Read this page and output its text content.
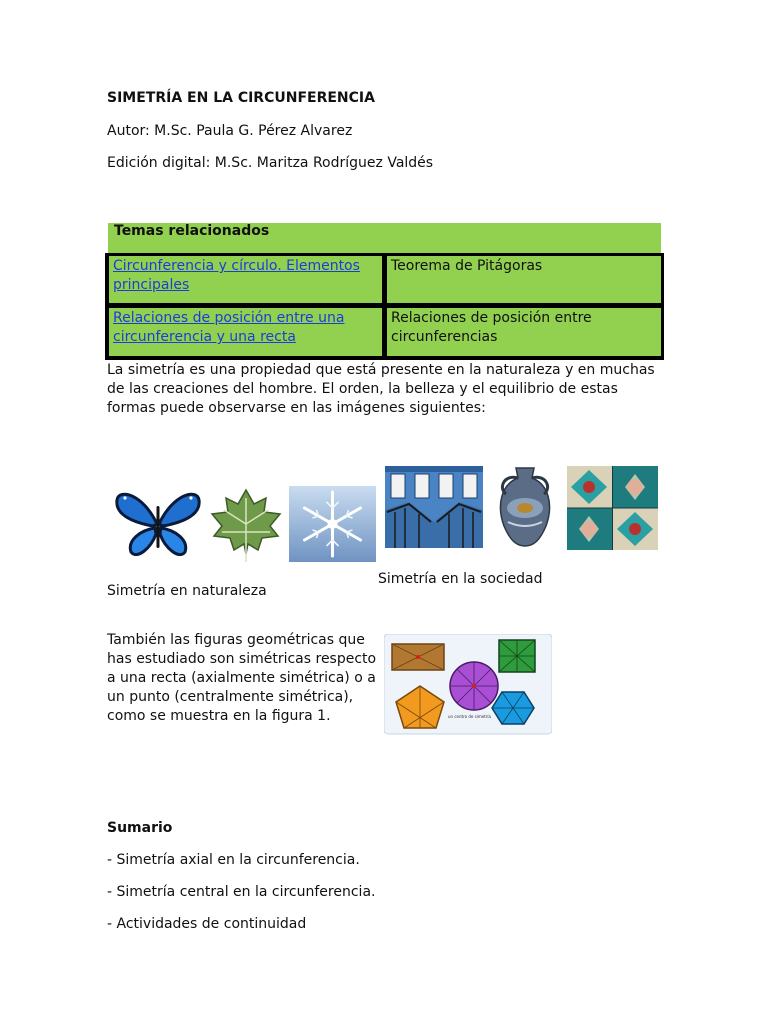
SIMETRÍA EN LA CIRCUNFERENCIA
Autor: M.Sc. Paula G. Pérez Alvarez
Edición digital: M.Sc. Maritza Rodríguez Valdés
Temas relacionados
Circunferencia y círculo. Elementos principales
Teorema de Pitágoras
Relaciones de posición entre una circunferencia y una recta
Relaciones de posición entre circunferencias
La simetría es una propiedad que está presente en la naturaleza y en muchas de las creaciones del hombre. El orden, la belleza y el equilibrio de estas formas puede observarse en las imágenes siguientes:
Simetría en naturaleza
Simetría en la sociedad
También las figuras geométricas que has estudiado son simétricas respecto a una recta (axialmente simétrica) o a un punto (centralmente simétrica), como se muestra en la figura 1.	un centro de simetría
Sumario
- Simetría axial en la circunferencia.
- Simetría central en la circunferencia.
- Actividades de continuidad
